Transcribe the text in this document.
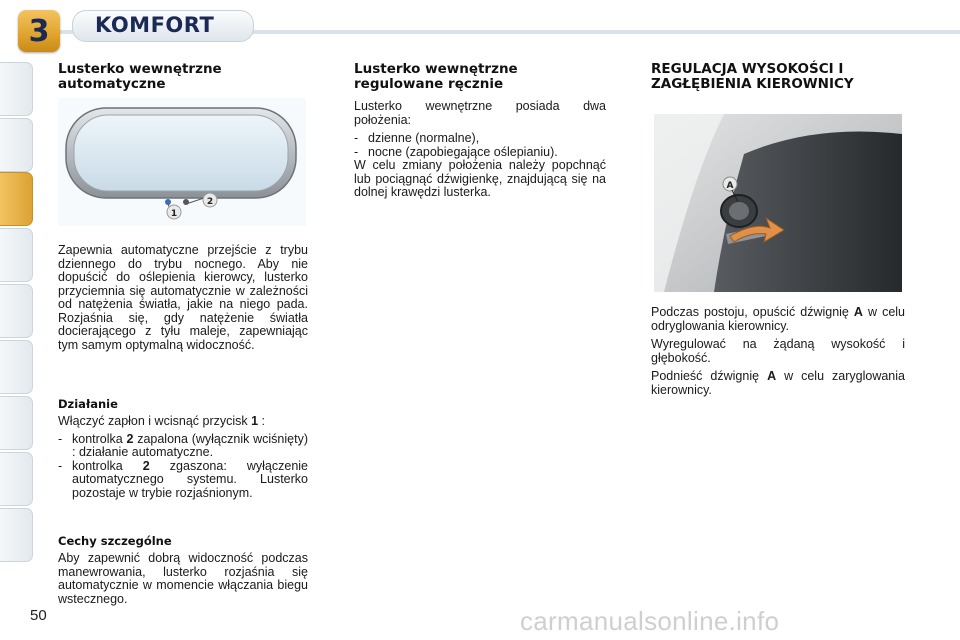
3 KOMFORT
Lusterko wewnętrzne automatyczne
1
2

Zapewnia automatyczne przejście z trybu dziennego do trybu nocnego. Aby nie dopuścić do oślepienia kierowcy, lusterko przyciemnia się automatycznie w zależności od natężenia światła, jakie na niego pada. Rozjaśnia się, gdy natężenie światła docierającego z tyłu maleje, zapewniając tym samym optymalną widoczność.

Działanie

Włączyć zapłon i wcisnąć przycisk 1 :

- kontrolka 2 zapalona (wyłącznik wciśnięty) : działanie automatyczne.
- kontrolka 2 zgaszona: wyłączenie automatycznego systemu. Lusterko pozostaje w trybie rozjaśnionym.
Cechy szczególne

Aby zapewnić dobrą widoczność podczas manewrowania, lusterko rozjaśnia się automatycznie w momencie włączania biegu wstecznego.

Lusterko wewnętrzne regulowane ręcznie

Lusterko wewnętrzne posiada dwa położenia:

- dzienne (normalne),
- nocne (zapobiegające oślepianiu).

W celu zmiany położenia należy popchnąć lub pociągnąć dźwigienkę, znajdującą się na dolnej krawędzi lusterka.

REGULACJA WYSOKOŚCI I ZAGŁĘBIENIA KIEROWNICY
A

Podczas postoju, opuścić dźwignię A w celu odryglowania kierownicy.

Wyregulować na żądaną wysokość i głębokość.

Podnieść dźwignię A w celu zaryglowania kierownicy.

50	carmanualsonline.info
